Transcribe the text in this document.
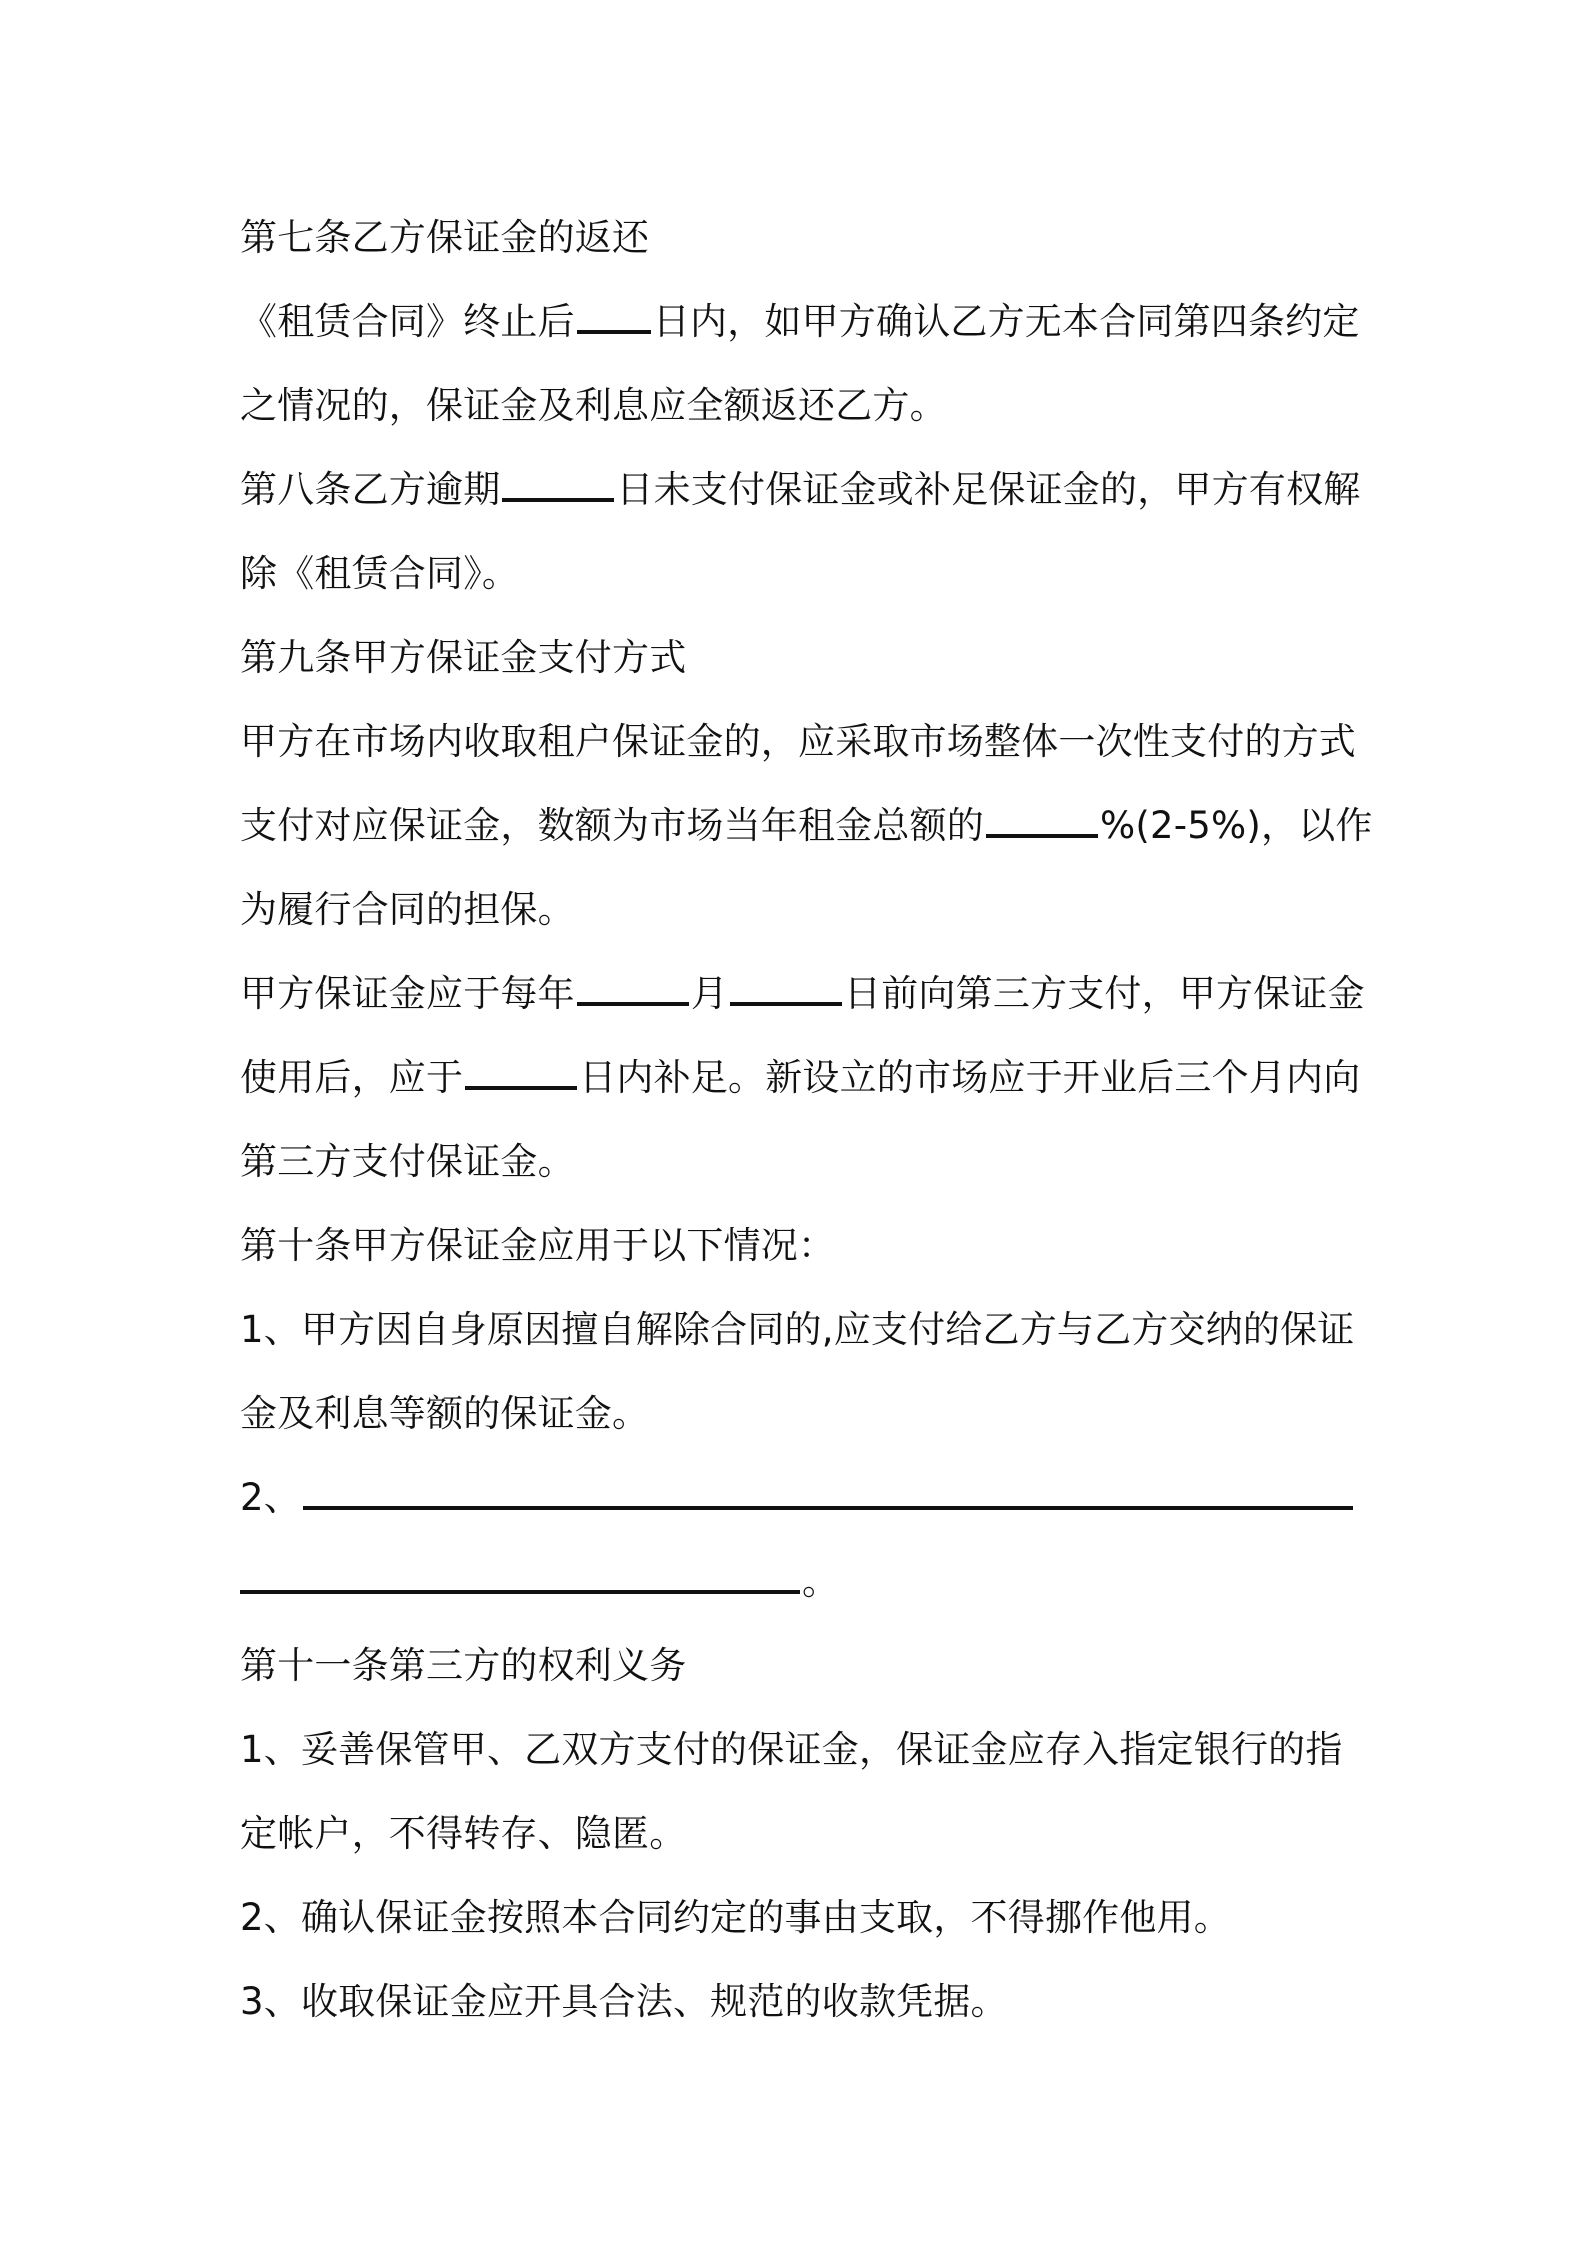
第七条乙方保证金的返还
《租赁合同》终止后 日内，如甲方确认乙方无本合同第四条约定
之情况的，保证金及利息应全额返还乙方。
第八条乙方逾期	日未支付保证金或补足保证金的，甲方有权解
除《租赁合同》。
第九条甲方保证金支付方式
甲方在市场内收取租户保证金的，应采取市场整体一次性支付的方式
支付对应保证金，数额为市场当年租金总额的	%(2-5%)，以作
为履行合同的担保。
甲方保证金应于每年	月	日前向第三方支付，甲方保证金
使用后，应于	日内补足。新设立的市场应于开业后三个月内向
第三方支付保证金。
第十条甲方保证金应用于以下情况：
1、甲方因自身原因擅自解除合同的,应支付给乙方与乙方交纳的保证
金及利息等额的保证金。
2、
。
第十一条第三方的权利义务
1、妥善保管甲、乙双方支付的保证金，保证金应存入指定银行的指
定帐户，不得转存、隐匿。
2、确认保证金按照本合同约定的事由支取，不得挪作他用。
3、收取保证金应开具合法、规范的收款凭据。
